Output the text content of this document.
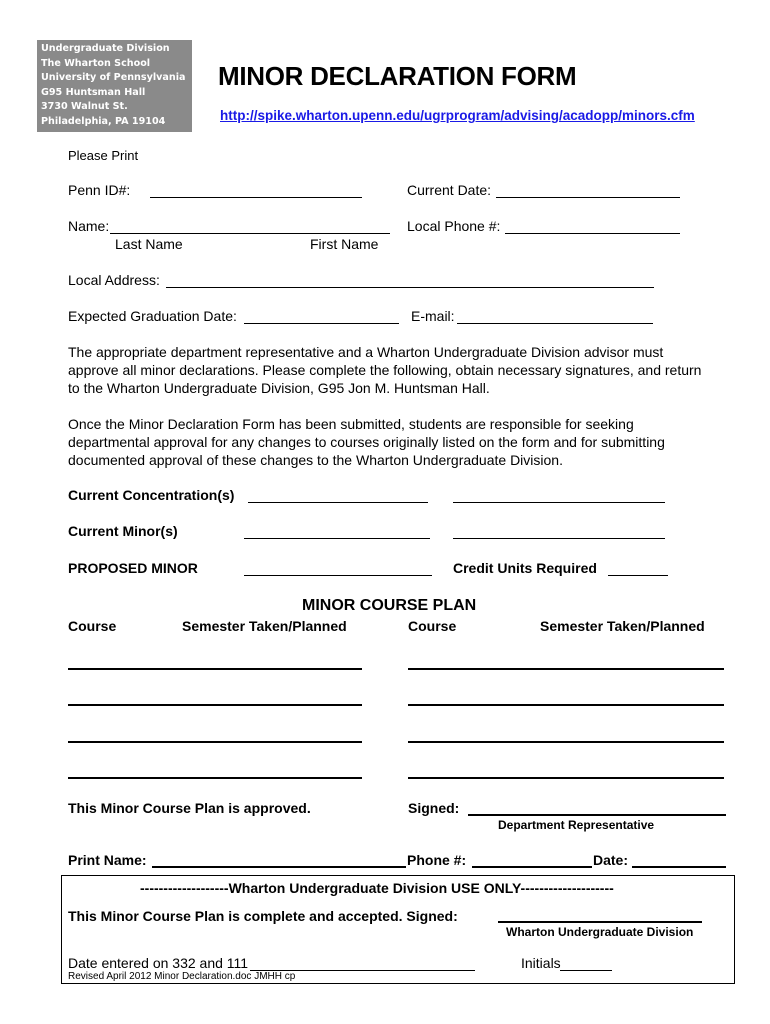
Undergraduate Division
The Wharton School
University of Pennsylvania
G95 Huntsman Hall
3730 Walnut St.
Philadelphia, PA 19104
MINOR DECLARATION FORM
http://spike.wharton.upenn.edu/ugrprogram/advising/acadopp/minors.cfm
Please Print
Penn ID#:	Current Date:
Name:	Local Phone #:
Last Name	First Name
Local Address:
Expected Graduation Date:	E-mail:
The appropriate department representative and a Wharton Undergraduate Division advisor must approve all minor declarations. Please complete the following, obtain necessary signatures, and return to the Wharton Undergraduate Division, G95 Jon M. Huntsman Hall.
Once the Minor Declaration Form has been submitted, students are responsible for seeking departmental approval for any changes to courses originally listed on the form and for submitting documented approval of these changes to the Wharton Undergraduate Division.
Current Concentration(s)
Current Minor(s)
PROPOSED MINOR	Credit Units Required
MINOR COURSE PLAN
Course	Semester Taken/Planned	Course	Semester Taken/Planned
This Minor Course Plan is approved.	Signed:
Department Representative
Print Name:	Phone #:	Date:
-------------------Wharton Undergraduate Division USE ONLY--------------------
This Minor Course Plan is complete and accepted. Signed:
Wharton Undergraduate Division
Date entered on 332 and 111	Initials
Revised April 2012 Minor Declaration.doc JMHH cp
